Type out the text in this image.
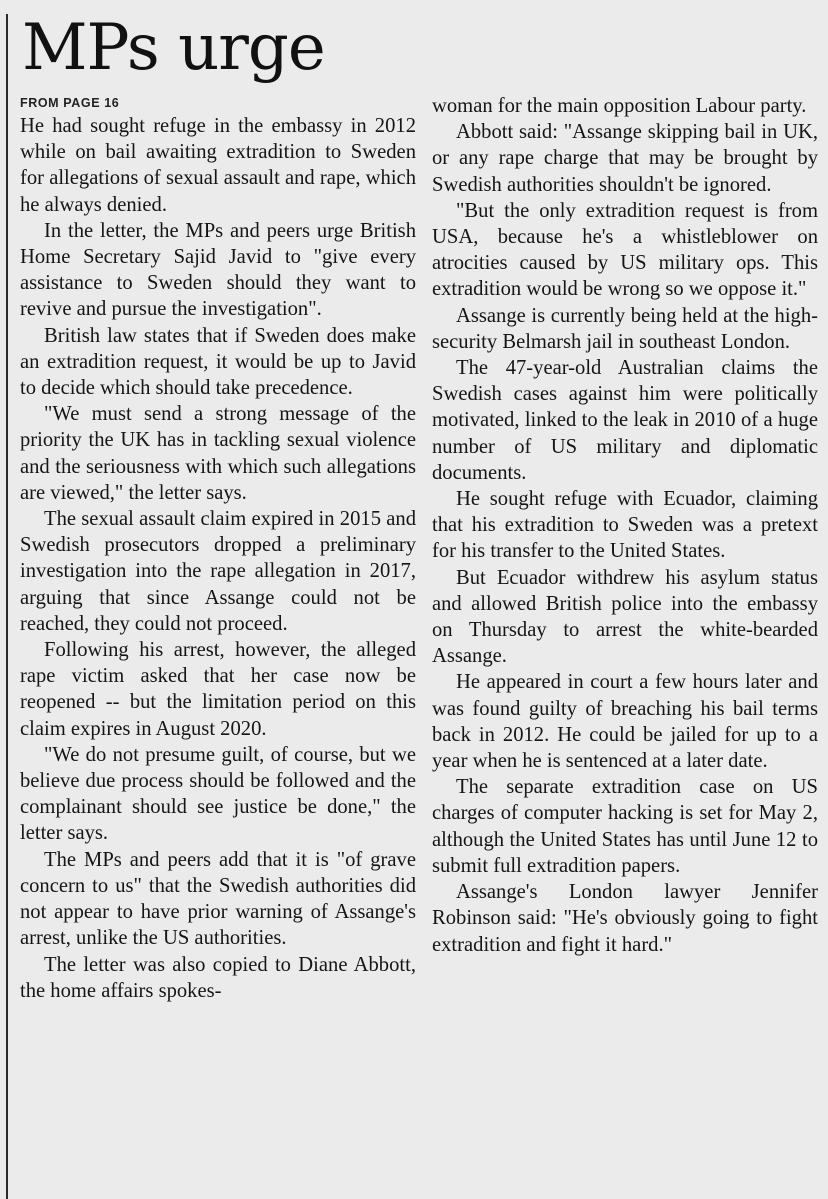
MPs urge

FROM PAGE 16

He had sought refuge in the embassy in 2012 while on bail awaiting extradition to Sweden for allegations of sexual assault and rape, which he always denied.

In the letter, the MPs and peers urge British Home Secretary Sajid Javid to "give every assistance to Sweden should they want to revive and pursue the investigation".

British law states that if Sweden does make an extradition request, it would be up to Javid to decide which should take precedence.

"We must send a strong message of the priority the UK has in tackling sexual violence and the seriousness with which such allegations are viewed," the letter says.

The sexual assault claim expired in 2015 and Swedish prosecutors dropped a preliminary investigation into the rape allegation in 2017, arguing that since Assange could not be reached, they could not proceed.

Following his arrest, however, the alleged rape victim asked that her case now be reopened -- but the limitation period on this claim expires in August 2020.

"We do not presume guilt, of course, but we believe due process should be followed and the complainant should see justice be done," the letter says.

The MPs and peers add that it is "of grave concern to us" that the Swedish authorities did not appear to have prior warning of Assange's arrest, unlike the US authorities.

The letter was also copied to Diane Abbott, the home affairs spokes-

woman for the main opposition Labour party.

Abbott said: "Assange skipping bail in UK, or any rape charge that may be brought by Swedish authorities shouldn't be ignored.

"But the only extradition request is from USA, because he's a whistleblower on atrocities caused by US military ops. This extradition would be wrong so we oppose it."

Assange is currently being held at the high-security Belmarsh jail in southeast London.

The 47-year-old Australian claims the Swedish cases against him were politically motivated, linked to the leak in 2010 of a huge number of US military and diplomatic documents.

He sought refuge with Ecuador, claiming that his extradition to Sweden was a pretext for his transfer to the United States.

But Ecuador withdrew his asylum status and allowed British police into the embassy on Thursday to arrest the white-bearded Assange.

He appeared in court a few hours later and was found guilty of breaching his bail terms back in 2012. He could be jailed for up to a year when he is sentenced at a later date.

The separate extradition case on US charges of computer hacking is set for May 2, although the United States has until June 12 to submit full extradition papers.

Assange's London lawyer Jennifer Robinson said: "He's obviously going to fight extradition and fight it hard."
